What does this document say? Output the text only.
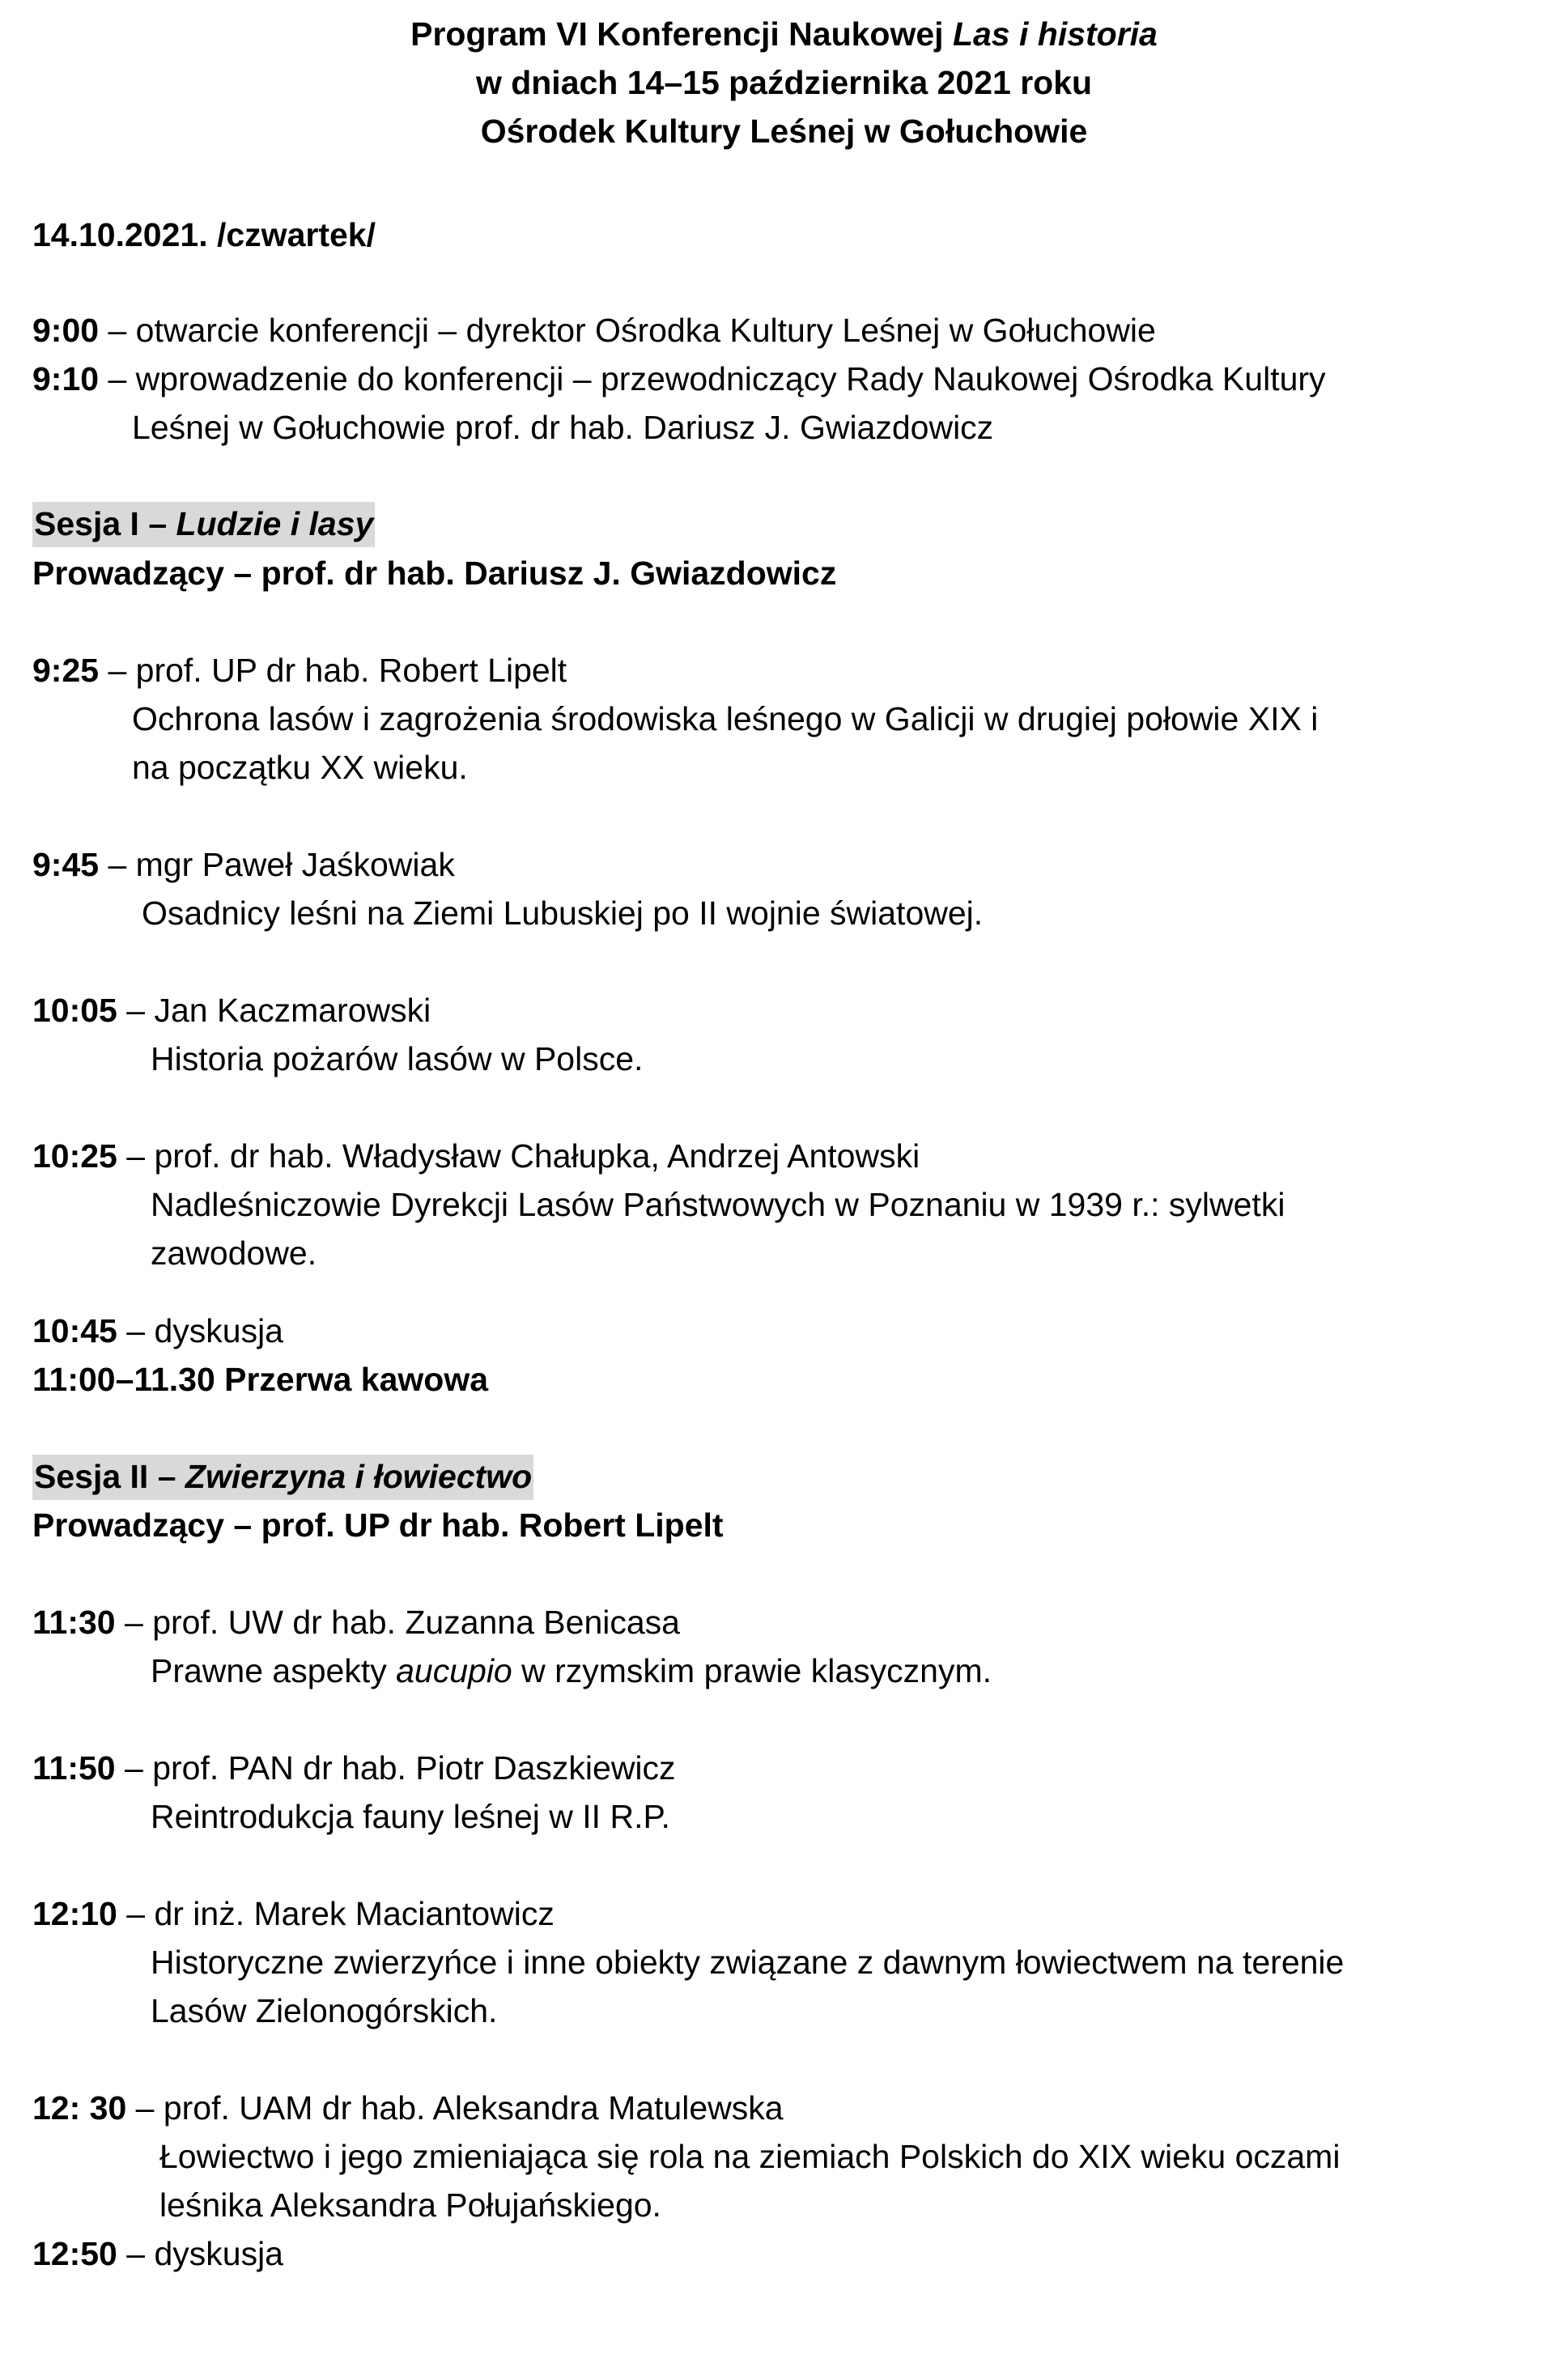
Program VI Konferencji Naukowej Las i historia
w dniach 14–15 października 2021 roku
Ośrodek Kultury Leśnej w Gołuchowie
14.10.2021. /czwartek/
9:00 – otwarcie konferencji – dyrektor Ośrodka Kultury Leśnej w Gołuchowie
9:10 – wprowadzenie do konferencji – przewodniczący Rady Naukowej Ośrodka Kultury
Leśnej w Gołuchowie prof. dr hab. Dariusz J. Gwiazdowicz
Sesja I – Ludzie i lasy
Prowadzący – prof. dr hab. Dariusz J. Gwiazdowicz
9:25 – prof. UP dr hab. Robert Lipelt
Ochrona lasów i zagrożenia środowiska leśnego w Galicji w drugiej połowie XIX i
na początku XX wieku.
9:45 – mgr Paweł Jaśkowiak
Osadnicy leśni na Ziemi Lubuskiej po II wojnie światowej.
10:05 – Jan Kaczmarowski
Historia pożarów lasów w Polsce.
10:25 – prof. dr hab. Władysław Chałupka, Andrzej Antowski
Nadleśniczowie Dyrekcji Lasów Państwowych w Poznaniu w 1939 r.: sylwetki
zawodowe.
10:45 – dyskusja
11:00–11.30 Przerwa kawowa
Sesja II – Zwierzyna i łowiectwo
Prowadzący – prof. UP dr hab. Robert Lipelt
11:30 – prof. UW dr hab. Zuzanna Benicasa
Prawne aspekty aucupio w rzymskim prawie klasycznym.
11:50 – prof. PAN dr hab. Piotr Daszkiewicz
Reintrodukcja fauny leśnej w II R.P.
12:10 – dr inż. Marek Maciantowicz
Historyczne zwierzyńce i inne obiekty związane z dawnym łowiectwem na terenie
Lasów Zielonogórskich.
12: 30 – prof. UAM dr hab. Aleksandra Matulewska
Łowiectwo i jego zmieniająca się rola na ziemiach Polskich do XIX wieku oczami
leśnika Aleksandra Połujańskiego.
12:50 – dyskusja
